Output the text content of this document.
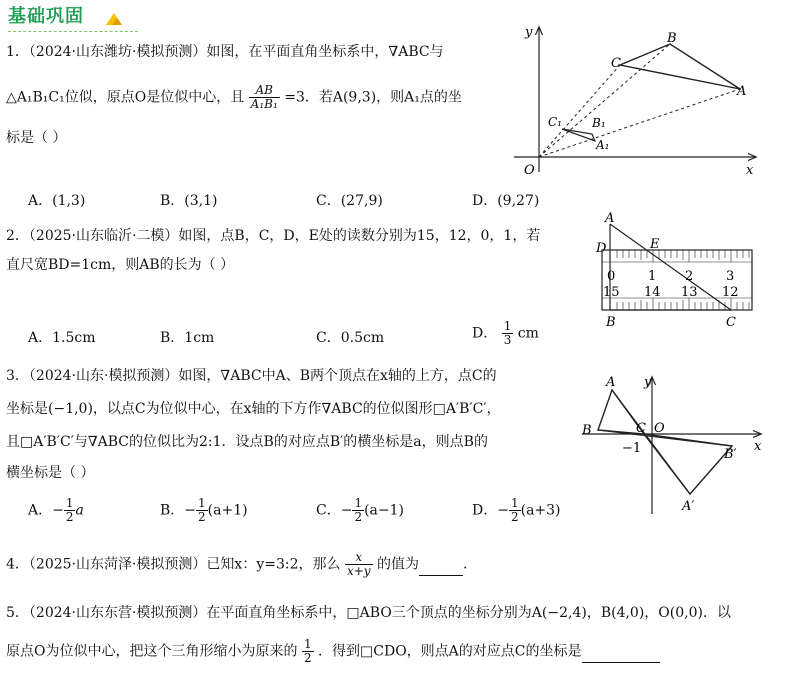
基础巩固
1．（2024·山东潍坊·模拟预测）如图，在平面直角坐标系中，∇ABC与
△A₁B₁C₁位似，原点O是位似中心，且 $\frac{AB}{\text{A₁B₁}} =3$．若A(9,3)，则A₁点的坐
标是（ ）
A．(1,3)	B．(3,1)	C．(27,9)	D．(9,27)
y	B
C
A
C₁	B₁
A₁
O	x
2．（2025·山东临沂·二模）如图，点B，C，D，E处的读数分别为15，12，0，1，若
直尺宽BD=1cm，则AB的长为（ ）
A．1.5cm	B．1cm	C．0.5cm	D． $\frac{1}{3}$ cm
0	1 2	3
15 14 13 12
A
D	E
B	C
3．（2024·山东·模拟预测）如图，∇ABC中A、B两个顶点在x轴的上方，点C的
坐标是(−1,0)，以点C为位似中心，在x轴的下方作∇ABC的位似图形□A′B′C′，
且□A′B′C′与∇ABC的位似比为2:1．设点B的对应点B′的横坐标是a，则点B的
横坐标是（ ）
A．− $\frac{1}{2}$ a	B．− $\frac{1}{2} (a+1)$	C．− $\frac{1}{2} (a-1)$	D．− $\frac{1}{2} (a+3)$
y
A
B	C O
−1	x
B′
A′
4．（2025·山东菏泽·模拟预测）已知x：y=3:2，那么 $\frac{x}{x+y}$ 的值为	.
5．（2024·山东东营·模拟预测）在平面直角坐标系中，□ABO三个顶点的坐标分别为A(−2,4)，B(4,0)，O(0,0)．以
原点O为位似中心，把这个三角形缩小为原来的 $\frac{1}{2}$ ．得到□CDO，则点A的对应点C的坐标是
